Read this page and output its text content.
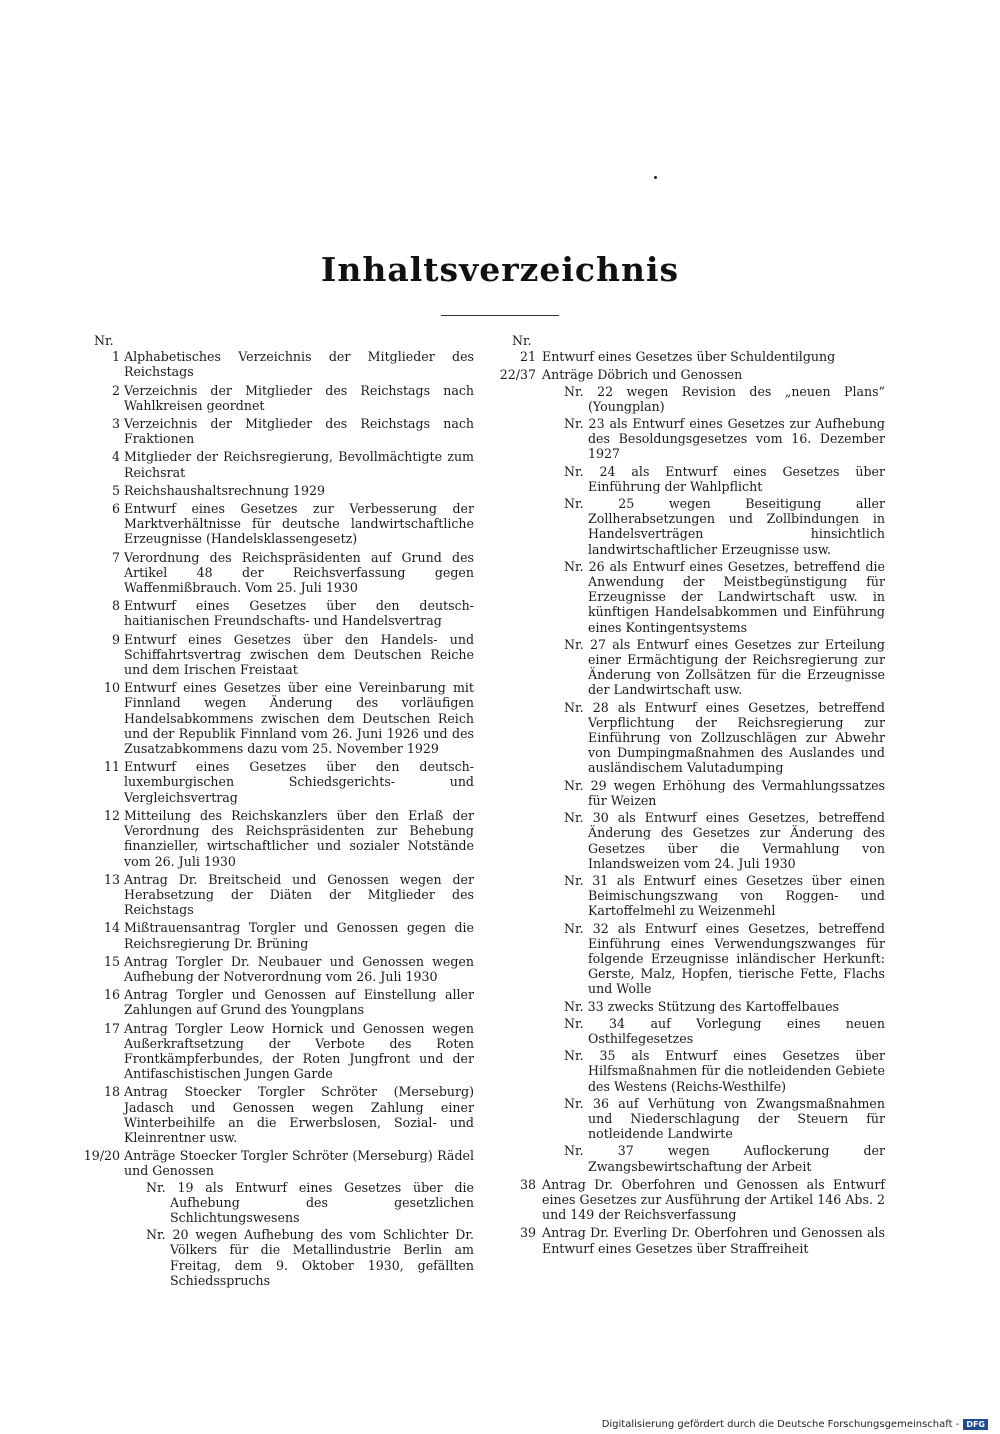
Inhaltsverzeichnis
Nr.
1 Alphabetisches Verzeichnis der Mitglieder des Reichstags
2 Verzeichnis der Mitglieder des Reichstags nach Wahlkreisen geordnet
3 Verzeichnis der Mitglieder des Reichstags nach Fraktionen
4 Mitglieder der Reichsregierung, Bevollmächtigte zum Reichsrat
5 Reichshaushaltsrechnung 1929
6 Entwurf eines Gesetzes zur Verbesserung der Marktverhältnisse für deutsche landwirtschaftliche Erzeugnisse (Handelsklassengesetz)
7 Verordnung des Reichspräsidenten auf Grund des Artikel 48 der Reichsverfassung gegen Waffenmißbrauch. Vom 25. Juli 1930
8 Entwurf eines Gesetzes über den deutsch-haitianischen Freundschafts- und Handelsvertrag
9 Entwurf eines Gesetzes über den Handels- und Schiffahrtsvertrag zwischen dem Deutschen Reiche und dem Irischen Freistaat
10 Entwurf eines Gesetzes über eine Vereinbarung mit Finnland wegen Änderung des vorläufigen Handelsabkommens zwischen dem Deutschen Reich und der Republik Finnland vom 26. Juni 1926 und des Zusatzabkommens dazu vom 25. November 1929
11 Entwurf eines Gesetzes über den deutsch-luxemburgischen Schiedsgerichts- und Vergleichsvertrag
12 Mitteilung des Reichskanzlers über den Erlaß der Verordnung des Reichspräsidenten zur Behebung finanzieller, wirtschaftlicher und sozialer Notstände vom 26. Juli 1930
13 Antrag Dr. Breitscheid und Genossen wegen der Herabsetzung der Diäten der Mitglieder des Reichstags
14 Mißtrauensantrag Torgler und Genossen gegen die Reichsregierung Dr. Brüning
15 Antrag Torgler Dr. Neubauer und Genossen wegen Aufhebung der Notverordnung vom 26. Juli 1930
16 Antrag Torgler und Genossen auf Einstellung aller Zahlungen auf Grund des Youngplans
17 Antrag Torgler Leow Hornick und Genossen wegen Außerkraftsetzung der Verbote des Roten Frontkämpferbundes, der Roten Jungfront und der Antifaschistischen Jungen Garde
18 Antrag Stoecker Torgler Schröter (Merseburg) Jadasch und Genossen wegen Zahlung einer Winterbeihilfe an die Erwerbslosen, Sozial- und Kleinrentner usw.
19/20 Anträge Stoecker Torgler Schröter (Merseburg) Rädel und Genossen
Nr. 19 als Entwurf eines Gesetzes über die Aufhebung des gesetzlichen Schlichtungswesens
Nr. 20 wegen Aufhebung des vom Schlichter Dr. Völkers für die Metallindustrie Berlin am Freitag, dem 9. Oktober 1930, gefällten Schiedsspruchs
Nr.
21 Entwurf eines Gesetzes über Schuldentilgung
22/37 Anträge Döbrich und Genossen
Nr. 22 wegen Revision des „neuen Plans“ (Youngplan)
Nr. 23 als Entwurf eines Gesetzes zur Aufhebung des Besoldungsgesetzes vom 16. Dezember 1927
Nr. 24 als Entwurf eines Gesetzes über Einführung der Wahlpflicht
Nr. 25 wegen Beseitigung aller Zollherabsetzungen und Zollbindungen in Handelsverträgen hinsichtlich landwirtschaftlicher Erzeugnisse usw.
Nr. 26 als Entwurf eines Gesetzes, betreffend die Anwendung der Meistbegünstigung für Erzeugnisse der Landwirtschaft usw. in künftigen Handelsabkommen und Einführung eines Kontingentsystems
Nr. 27 als Entwurf eines Gesetzes zur Erteilung einer Ermächtigung der Reichsregierung zur Änderung von Zollsätzen für die Erzeugnisse der Landwirtschaft usw.
Nr. 28 als Entwurf eines Gesetzes, betreffend Verpflichtung der Reichsregierung zur Einführung von Zollzuschlägen zur Abwehr von Dumpingmaßnahmen des Auslandes und ausländischem Valutadumping
Nr. 29 wegen Erhöhung des Vermahlungssatzes für Weizen
Nr. 30 als Entwurf eines Gesetzes, betreffend Änderung des Gesetzes zur Änderung des Gesetzes über die Vermahlung von Inlandsweizen vom 24. Juli 1930
Nr. 31 als Entwurf eines Gesetzes über einen Beimischungszwang von Roggen- und Kartoffelmehl zu Weizenmehl
Nr. 32 als Entwurf eines Gesetzes, betreffend Einführung eines Verwendungszwanges für folgende Erzeugnisse inländischer Herkunft: Gerste, Malz, Hopfen, tierische Fette, Flachs und Wolle
Nr. 33 zwecks Stützung des Kartoffelbaues
Nr. 34 auf Vorlegung eines neuen Osthilfegesetzes
Nr. 35 als Entwurf eines Gesetzes über Hilfsmaßnahmen für die notleidenden Gebiete des Westens (Reichs-Westhilfe)
Nr. 36 auf Verhütung von Zwangsmaßnahmen und Niederschlagung der Steuern für notleidende Landwirte
Nr. 37 wegen Auflockerung der Zwangsbewirtschaftung der Arbeit
38 Antrag Dr. Oberfohren und Genossen als Entwurf eines Gesetzes zur Ausführung der Artikel 146 Abs. 2 und 149 der Reichsverfassung
39 Antrag Dr. Everling Dr. Oberfohren und Genossen als Entwurf eines Gesetzes über Straffreiheit
Digitalisierung gefördert durch die Deutsche Forschungsgemeinschaft - DFG
